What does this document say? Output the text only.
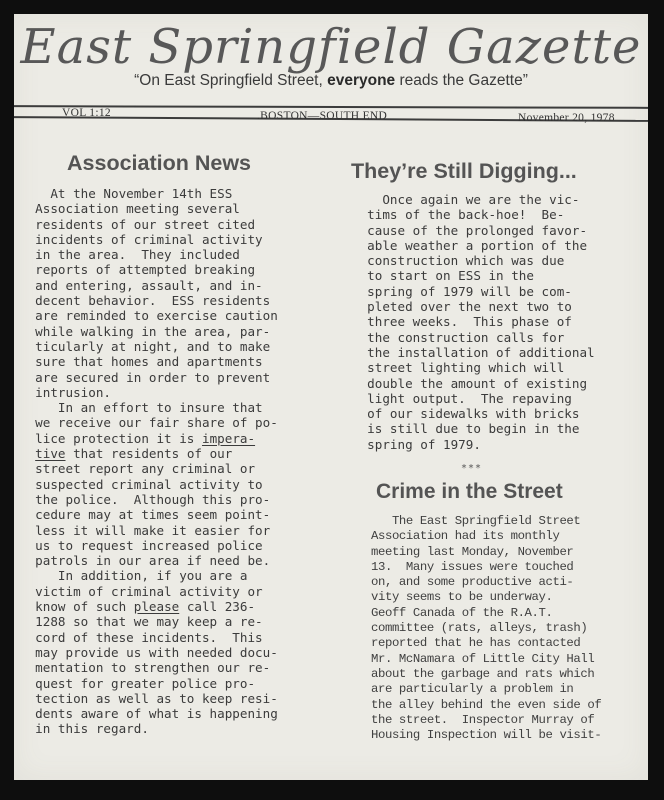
East Springfield Gazette
“On East Springfield Street, everyone reads the Gazette”
VOL 1:12	.BOSTON—SOUTH END	November 20, 1978
Association News
At the November 14th ESS
Association meeting several
residents of our street cited
incidents of criminal activity
in the area.  They included
reports of attempted breaking
and entering, assault, and in-
decent behavior.  ESS residents
are reminded to exercise caution
while walking in the area, par-
ticularly at night, and to make
sure that homes and apartments
are secured in order to prevent
intrusion.
In an effort to insure that
we receive our fair share of po-
lice protection it is impera-
tive that residents of our
street report any criminal or
suspected criminal activity to
the police.  Although this pro-
cedure may at times seem point-
less it will make it easier for
us to request increased police
patrols in our area if need be.
In addition, if you are a
victim of criminal activity or
know of such please call 236-
1288 so that we may keep a re-
cord of these incidents.  This
may provide us with needed docu-
mentation to strengthen our re-
quest for greater police pro-
tection as well as to keep resi-
dents aware of what is happening
in this regard.
They’re Still Digging...
Once again we are the vic-
tims of the back-hoe!  Be-
cause of the prolonged favor-
able weather a portion of the
construction which was due
to start on ESS in the
spring of 1979 will be com-
pleted over the next two to
three weeks.  This phase of
the construction calls for
the installation of additional
street lighting which will
double the amount of existing
light output.  The repaving
of our sidewalks with bricks
is still due to begin in the
spring of 1979.
***
Crime in the Street
The East Springfield Street
Association had its monthly
meeting last Monday, November
13.  Many issues were touched
on, and some productive acti-
vity seems to be underway.
Geoff Canada of the R.A.T.
committee (rats, alleys, trash)
reported that he has contacted
Mr. McNamara of Little City Hall
about the garbage and rats which
are particularly a problem in
the alley behind the even side of
the street.  Inspector Murray of
Housing Inspection will be visit-
